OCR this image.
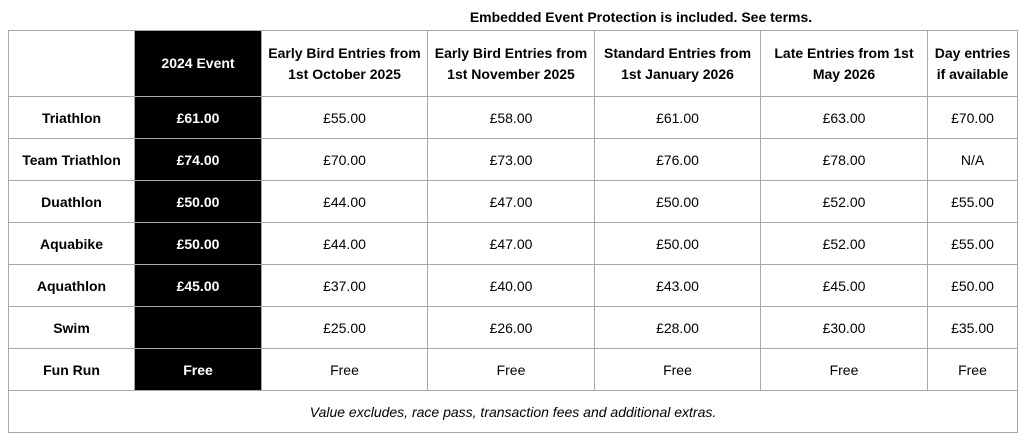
Embedded Event Protection is included. See terms.
	2024 Event	Early Bird Entries from 1st October 2025	Early Bird Entries from 1st November 2025	Standard Entries from 1st January 2026	Late Entries from 1st May 2026	Day entries if available
Triathlon	£61.00	£55.00	£58.00	£61.00	£63.00	£70.00
Team Triathlon	£74.00	£70.00	£73.00	£76.00	£78.00	N/A
Duathlon	£50.00	£44.00	£47.00	£50.00	£52.00	£55.00
Aquabike	£50.00	£44.00	£47.00	£50.00	£52.00	£55.00
Aquathlon	£45.00	£37.00	£40.00	£43.00	£45.00	£50.00
Swim		£25.00	£26.00	£28.00	£30.00	£35.00
Fun Run	Free	Free	Free	Free	Free	Free
Value excludes, race pass, transaction fees and additional extras.						
